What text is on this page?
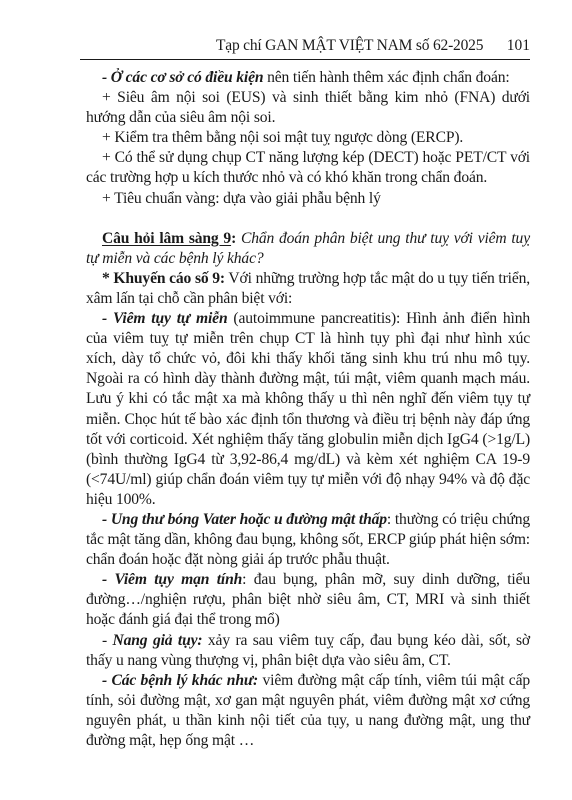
Tạp chí GAN MẬT VIỆT NAM số 62-2025 101

- Ở các cơ sở có điều kiện nên tiến hành thêm xác định chẩn đoán:

+ Siêu âm nội soi (EUS) và sinh thiết bằng kim nhỏ (FNA) dưới hướng dẫn của siêu âm nội soi.

+ Kiểm tra thêm bằng nội soi mật tuỵ ngược dòng (ERCP).

+ Có thể sử dụng chụp CT năng lượng kép (DECT) hoặc PET/CT với các trường hợp u kích thước nhỏ và có khó khăn trong chẩn đoán.

+ Tiêu chuẩn vàng: dựa vào giải phẫu bệnh lý

Câu hỏi lâm sàng 9: Chẩn đoán phân biệt ung thư tuỵ với viêm tuỵ tự miễn và các bệnh lý khác?

* Khuyến cáo số 9: Với những trường hợp tắc mật do u tụy tiến triển, xâm lấn tại chỗ cần phân biệt với:

- Viêm tụy tự miễn (autoimmune pancreatitis): Hình ảnh điển hình của viêm tuỵ tự miễn trên chụp CT là hình tụy phì đại như hình xúc xích, dày tổ chức vỏ, đôi khi thấy khối tăng sinh khu trú nhu mô tụy. Ngoài ra có hình dày thành đường mật, túi mật, viêm quanh mạch máu. Lưu ý khi có tắc mật xa mà không thấy u thì nên nghĩ đến viêm tụy tự miễn. Chọc hút tế bào xác định tổn thương và điều trị bệnh này đáp ứng tốt với corticoid. Xét nghiệm thấy tăng globulin miễn dịch IgG4 (>1g/L)(bình thường IgG4 từ 3,92-86,4 mg/dL) và kèm xét nghiệm CA 19-9 (<74U/ml) giúp chẩn đoán viêm tụy tự miễn với độ nhạy 94% và độ đặc hiệu 100%.

- Ung thư bóng Vater hoặc u đường mật thấp: thường có triệu chứng tắc mật tăng dần, không đau bụng, không sốt, ERCP giúp phát hiện sớm: chẩn đoán hoặc đặt nòng giải áp trước phẫu thuật.

- Viêm tụy mạn tính: đau bụng, phân mỡ, suy dinh dưỡng, tiểu đường…/nghiện rượu, phân biệt nhờ siêu âm, CT, MRI và sinh thiết hoặc đánh giá đại thể trong mổ)

- Nang giả tụy: xảy ra sau viêm tuỵ cấp, đau bụng kéo dài, sốt, sờ thấy u nang vùng thượng vị, phân biệt dựa vào siêu âm, CT.

- Các bệnh lý khác như: viêm đường mật cấp tính, viêm túi mật cấp tính, sỏi đường mật, xơ gan mật nguyên phát, viêm đường mật xơ cứng nguyên phát, u thần kinh nội tiết của tụy, u nang đường mật, ung thư đường mật, hẹp ống mật …
